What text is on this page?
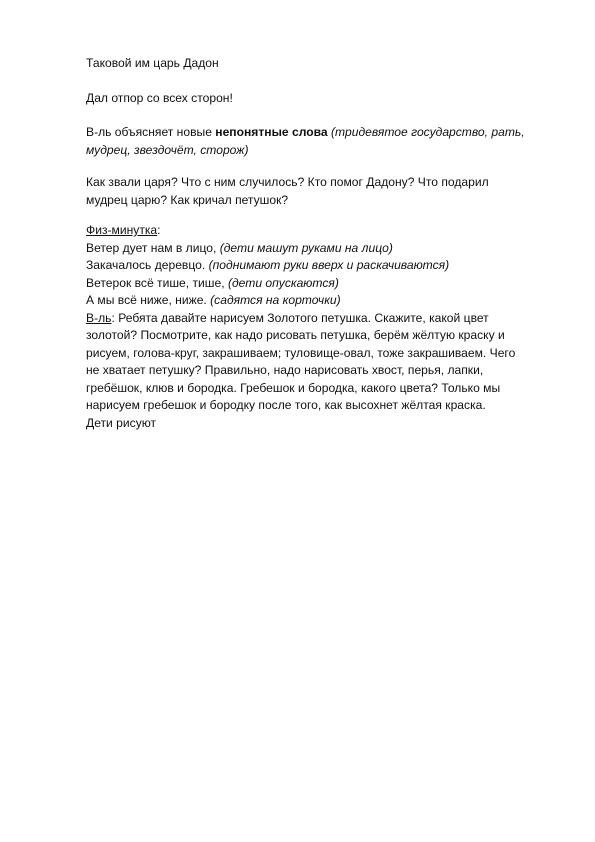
Таковой им царь Дадон

Дал отпор со всех сторон!

В-ль объясняет новые непонятные слова (тридевятое государство, рать,
мудрец, звездочёт, сторож)

Как звали царя? Что с ним случилось? Кто помог Дадону? Что подарил
мудрец царю? Как кричал петушок?

Физ-минутка:
Ветер дует нам в лицо, (дети машут руками на лицо)
Закачалось деревцо. (поднимают руки вверх и раскачиваются)
Ветерок всё тише, тише, (дети опускаются)
А мы всё ниже, ниже. (садятся на корточки)
В-ль: Ребята давайте нарисуем Золотого петушка. Скажите, какой цвет
золотой? Посмотрите, как надо рисовать петушка, берём жёлтую краску и
рисуем, голова-круг, закрашиваем; туловище-овал, тоже закрашиваем. Чего
не хватает петушку? Правильно, надо нарисовать хвост, перья, лапки,
гребёшок, клюв и бородка. Гребешок и бородка, какого цвета? Только мы
нарисуем гребешок и бородку после того, как высохнет жёлтая краска.
Дети рисуют
